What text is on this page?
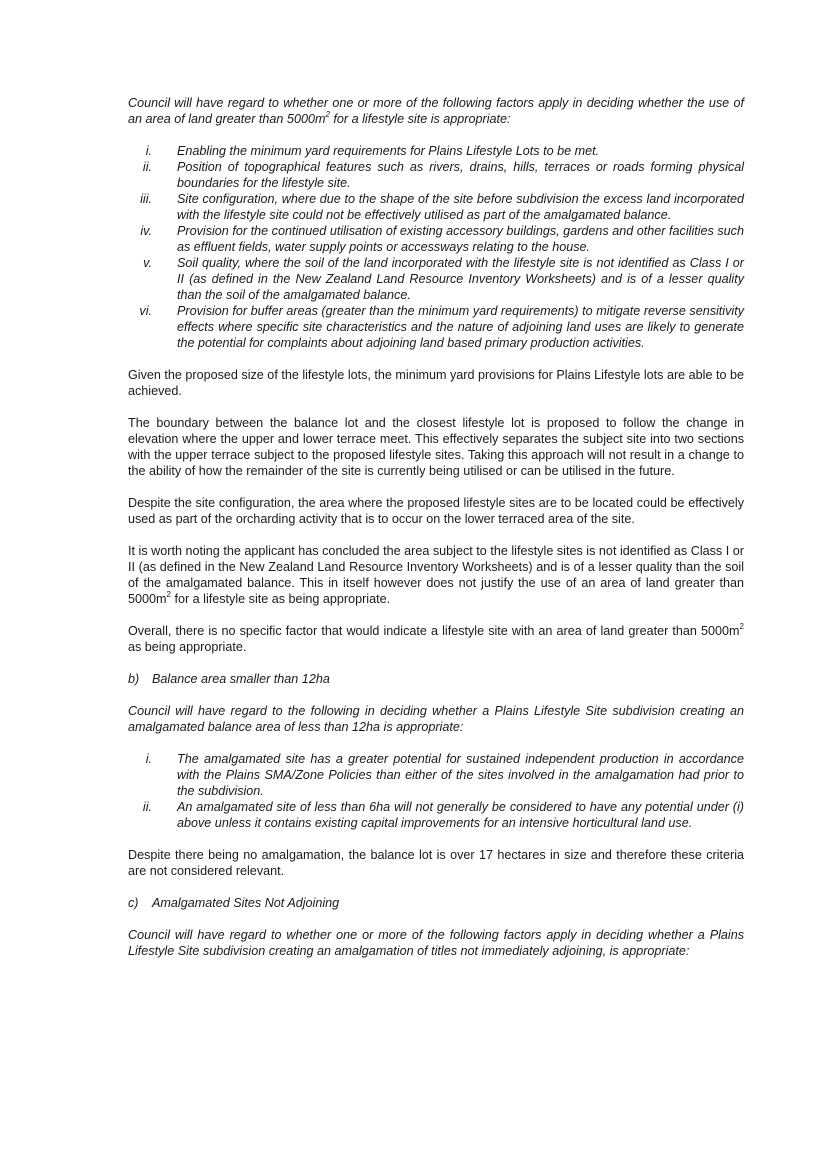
Council will have regard to whether one or more of the following factors apply in deciding whether the use of an area of land greater than $5000m^2$ for a lifestyle site is appropriate:

i. Enabling the minimum yard requirements for Plains Lifestyle Lots to be met.
ii. Position of topographical features such as rivers, drains, hills, terraces or roads forming physical boundaries for the lifestyle site.
iii. Site configuration, where due to the shape of the site before subdivision the excess land incorporated with the lifestyle site could not be effectively utilised as part of the amalgamated balance.
iv. Provision for the continued utilisation of existing accessory buildings, gardens and other facilities such as effluent fields, water supply points or accessways relating to the house.
v. Soil quality, where the soil of the land incorporated with the lifestyle site is not identified as Class I or II (as defined in the New Zealand Land Resource Inventory Worksheets) and is of a lesser quality than the soil of the amalgamated balance.
vi. Provision for buffer areas (greater than the minimum yard requirements) to mitigate reverse sensitivity effects where specific site characteristics and the nature of adjoining land uses are likely to generate the potential for complaints about adjoining land based primary production activities.

Given the proposed size of the lifestyle lots, the minimum yard provisions for Plains Lifestyle lots are able to be achieved.

The boundary between the balance lot and the closest lifestyle lot is proposed to follow the change in elevation where the upper and lower terrace meet. This effectively separates the subject site into two sections with the upper terrace subject to the proposed lifestyle sites. Taking this approach will not result in a change to the ability of how the remainder of the site is currently being utilised or can be utilised in the future.

Despite the site configuration, the area where the proposed lifestyle sites are to be located could be effectively used as part of the orcharding activity that is to occur on the lower terraced area of the site.

It is worth noting the applicant has concluded the area subject to the lifestyle sites is not identified as Class I or II (as defined in the New Zealand Land Resource Inventory Worksheets) and is of a lesser quality than the soil of the amalgamated balance. This in itself however does not justify the use of an area of land greater than $5000m^2$ for a lifestyle site as being appropriate.

Overall, there is no specific factor that would indicate a lifestyle site with an area of land greater than $5000m^2$ as being appropriate.

b) Balance area smaller than 12ha

Council will have regard to the following in deciding whether a Plains Lifestyle Site subdivision creating an amalgamated balance area of less than 12ha is appropriate:

i. The amalgamated site has a greater potential for sustained independent production in accordance with the Plains SMA/Zone Policies than either of the sites involved in the amalgamation had prior to the subdivision.
ii. An amalgamated site of less than 6ha will not generally be considered to have any potential under (i) above unless it contains existing capital improvements for an intensive horticultural land use.

Despite there being no amalgamation, the balance lot is over 17 hectares in size and therefore these criteria are not considered relevant.

c) Amalgamated Sites Not Adjoining

Council will have regard to whether one or more of the following factors apply in deciding whether a Plains Lifestyle Site subdivision creating an amalgamation of titles not immediately adjoining, is appropriate:
